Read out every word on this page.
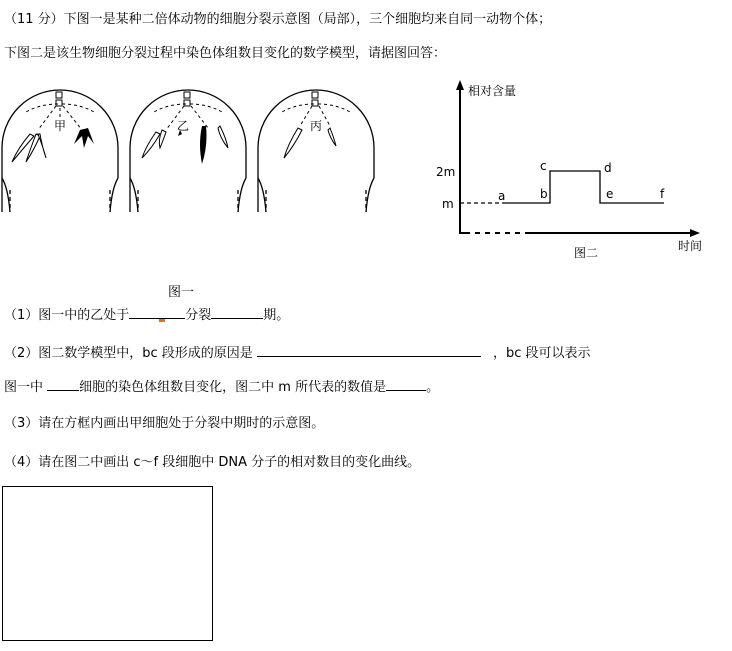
（11 分）下图一是某种二倍体动物的细胞分裂示意图（局部），三个细胞均来自同一动物个体；
下图二是该生物细胞分裂过程中染色体组数目变化的数学模型，请据图回答：
甲	乙	丙
相对含量
时间
2m
m
a	b
c	d
e	f
图二
图一
（1）图一中的乙处于	分裂	期。
（2）图二数学模型中，bc 段形成的原因是	，bc 段可以表示
图一中 细胞的染色体组数目变化，图二中 m 所代表的数值是	。
（3）请在方框内画出甲细胞处于分裂中期时的示意图。
（4）请在图二中画出 c～f 段细胞中 DNA 分子的相对数目的变化曲线。
